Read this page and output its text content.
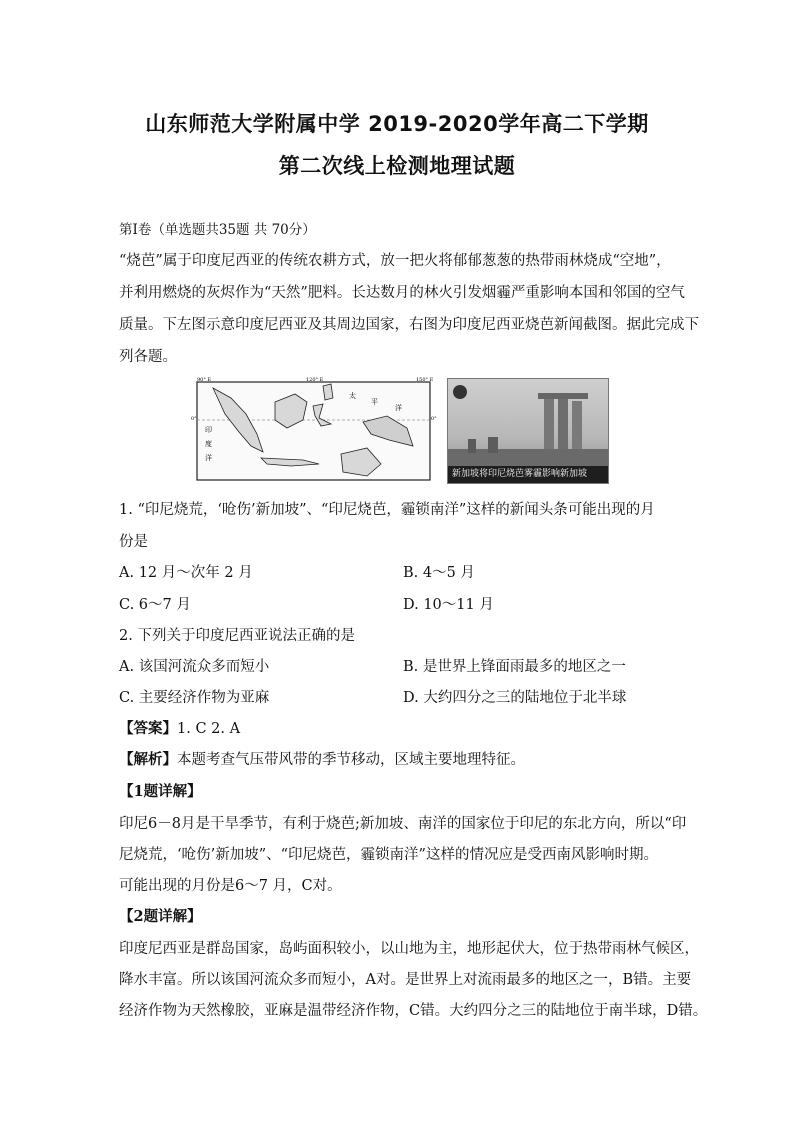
山东师范大学附属中学 2019-2020学年高二下学期
第二次线上检测地理试题
第Ⅰ卷（单选题共35题 共 70分）
“烧芭”属于印度尼西亚的传统农耕方式，放一把火将郁郁葱葱的热带雨林烧成“空地”，
并利用燃烧的灰烬作为“天然”肥料。长达数月的林火引发烟霾严重影响本国和邻国的空气
质量。下左图示意印度尼西亚及其周边国家，右图为印度尼西亚烧芭新闻截图。据此完成下
列各题。
90° E	120° E	150° E
0°	0°
印
度
洋
太
平
洋
新加坡将印尼烧芭雾霾影响新加坡
1. “印尼烧荒，‘呛伤’新加坡”、“印尼烧芭，霾锁南洋”这样的新闻头条可能出现的月
份是
A. 12 月～次年 2 月	B. 4～5 月
C. 6～7 月	D. 10～11 月
2. 下列关于印度尼西亚说法正确的是
A. 该国河流众多而短小	B. 是世界上锋面雨最多的地区之一
C. 主要经济作物为亚麻	D. 大约四分之三的陆地位于北半球
【答案】1. C 2. A
【解析】本题考查气压带风带的季节移动，区域主要地理特征。
【1题详解】
印尼6－8月是干旱季节，有利于烧芭;新加坡、南洋的国家位于印尼的东北方向，所以“印
尼烧荒，‘呛伤’新加坡”、“印尼烧芭，霾锁南洋”这样的情况应是受西南风影响时期。
可能出现的月份是6～7 月，C对。
【2题详解】
印度尼西亚是群岛国家，岛屿面积较小，以山地为主，地形起伏大，位于热带雨林气候区，
降水丰富。所以该国河流众多而短小，A对。是世界上对流雨最多的地区之一，B错。主要
经济作物为天然橡胶，亚麻是温带经济作物，C错。大约四分之三的陆地位于南半球，D错。
